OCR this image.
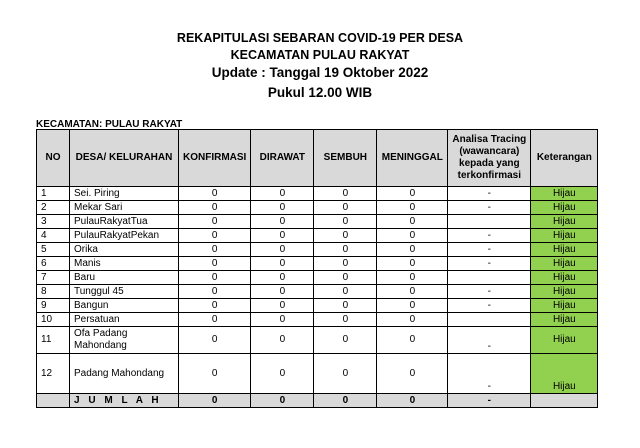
REKAPITULASI SEBARAN COVID-19 PER DESA
KECAMATAN PULAU RAKYAT
Update : Tanggal 19 Oktober 2022
Pukul 12.00 WIB
KECAMATAN: PULAU RAKYAT
NO	DESA/ KELURAHAN	KONFIRMASI	DIRAWAT	SEMBUH	MENINGGAL	Analisa Tracing (wawancara) kepada yang terkonfirmasi	Keterangan
1	Sei. Piring	0	0	0	0	-	Hijau
2	Mekar Sari	0	0	0	0	-	Hijau
3	PulauRakyatTua	0	0	0	0		Hijau
4	PulauRakyatPekan	0	0	0	0	-	Hijau
5	Orika	0	0	0	0	-	Hijau
6	Manis	0	0	0	0	-	Hijau
7	Baru	0	0	0	0		Hijau
8	Tunggul 45	0	0	0	0	-	Hijau
9	Bangun	0	0	0	0	-	Hijau
10	Persatuan	0	0	0	0		Hijau
11	Ofa Padang Mahondang	0	0	0	0	-	Hijau
12	Padang Mahondang	0	0	0	0	-	Hijau
	J U M L A H	0	0	0	0	-	
